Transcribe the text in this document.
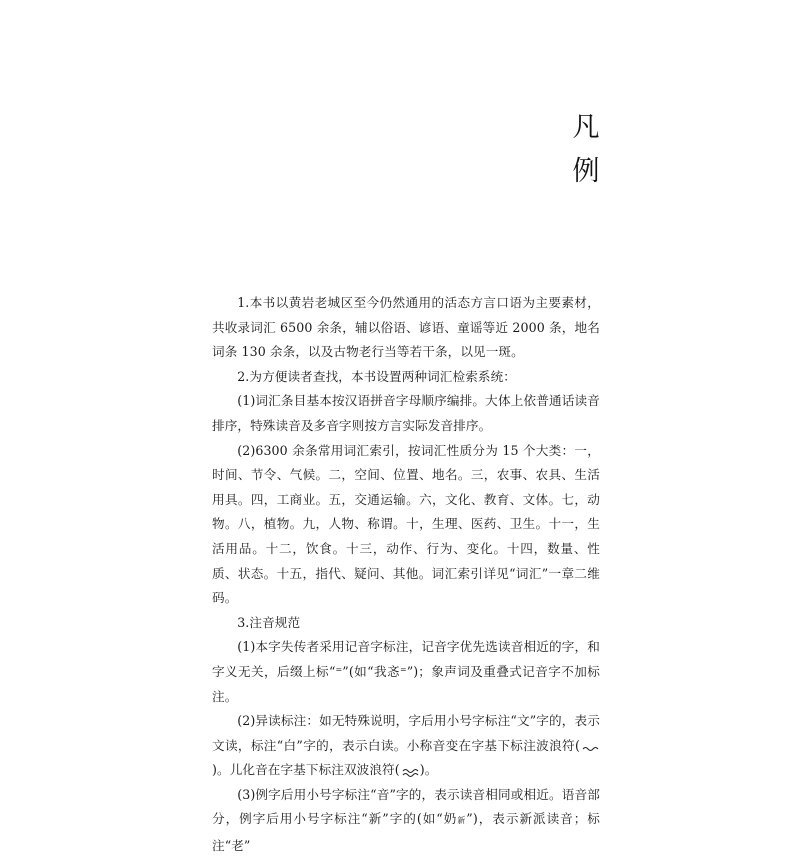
凡
例

1.本书以黄岩老城区至今仍然通用的活态方言口语为主要素材，共收录词汇 6500 余条，辅以俗语、谚语、童谣等近 2000 条，地名词条 130 余条，以及古物老行当等若干条，以见一斑。

2.为方便读者查找，本书设置两种词汇检索系统：

(1)词汇条目基本按汉语拼音字母顺序编排。大体上依普通话读音排序，特殊读音及多音字则按方言实际发音排序。

(2)6300 余条常用词汇索引，按词汇性质分为 15 个大类：一，时间、节令、气候。二，空间、位置、地名。三，农事、农具、生活用具。四，工商业。五，交通运输。六，文化、教育、文体。七，动物。八，植物。九，人物、称谓。十，生理、医药、卫生。十一，生活用品。十二，饮食。十三，动作、行为、变化。十四，数量、性质、状态。十五，指代、疑问、其他。词汇索引详见“词汇”一章二维码。

3.注音规范

(1)本字失传者采用记音字标注，记音字优先选读音相近的字，和字义无关，后缀上标“⁼”(如“我忞⁼”)；象声词及重叠式记音字不加标注。

(2)异读标注：如无特殊说明，字后用小号字标注“文”字的，表示文读，标注“白”字的，表示白读。小称音变在字基下标注波浪符()。儿化音在字基下标注双波浪符( )。

(3)例字后用小号字标注“音”字的，表示读音相同或相近。语音部分，例字后用小号字标注“新”字的(如“奶新”)，表示新派读音；标注“老”
